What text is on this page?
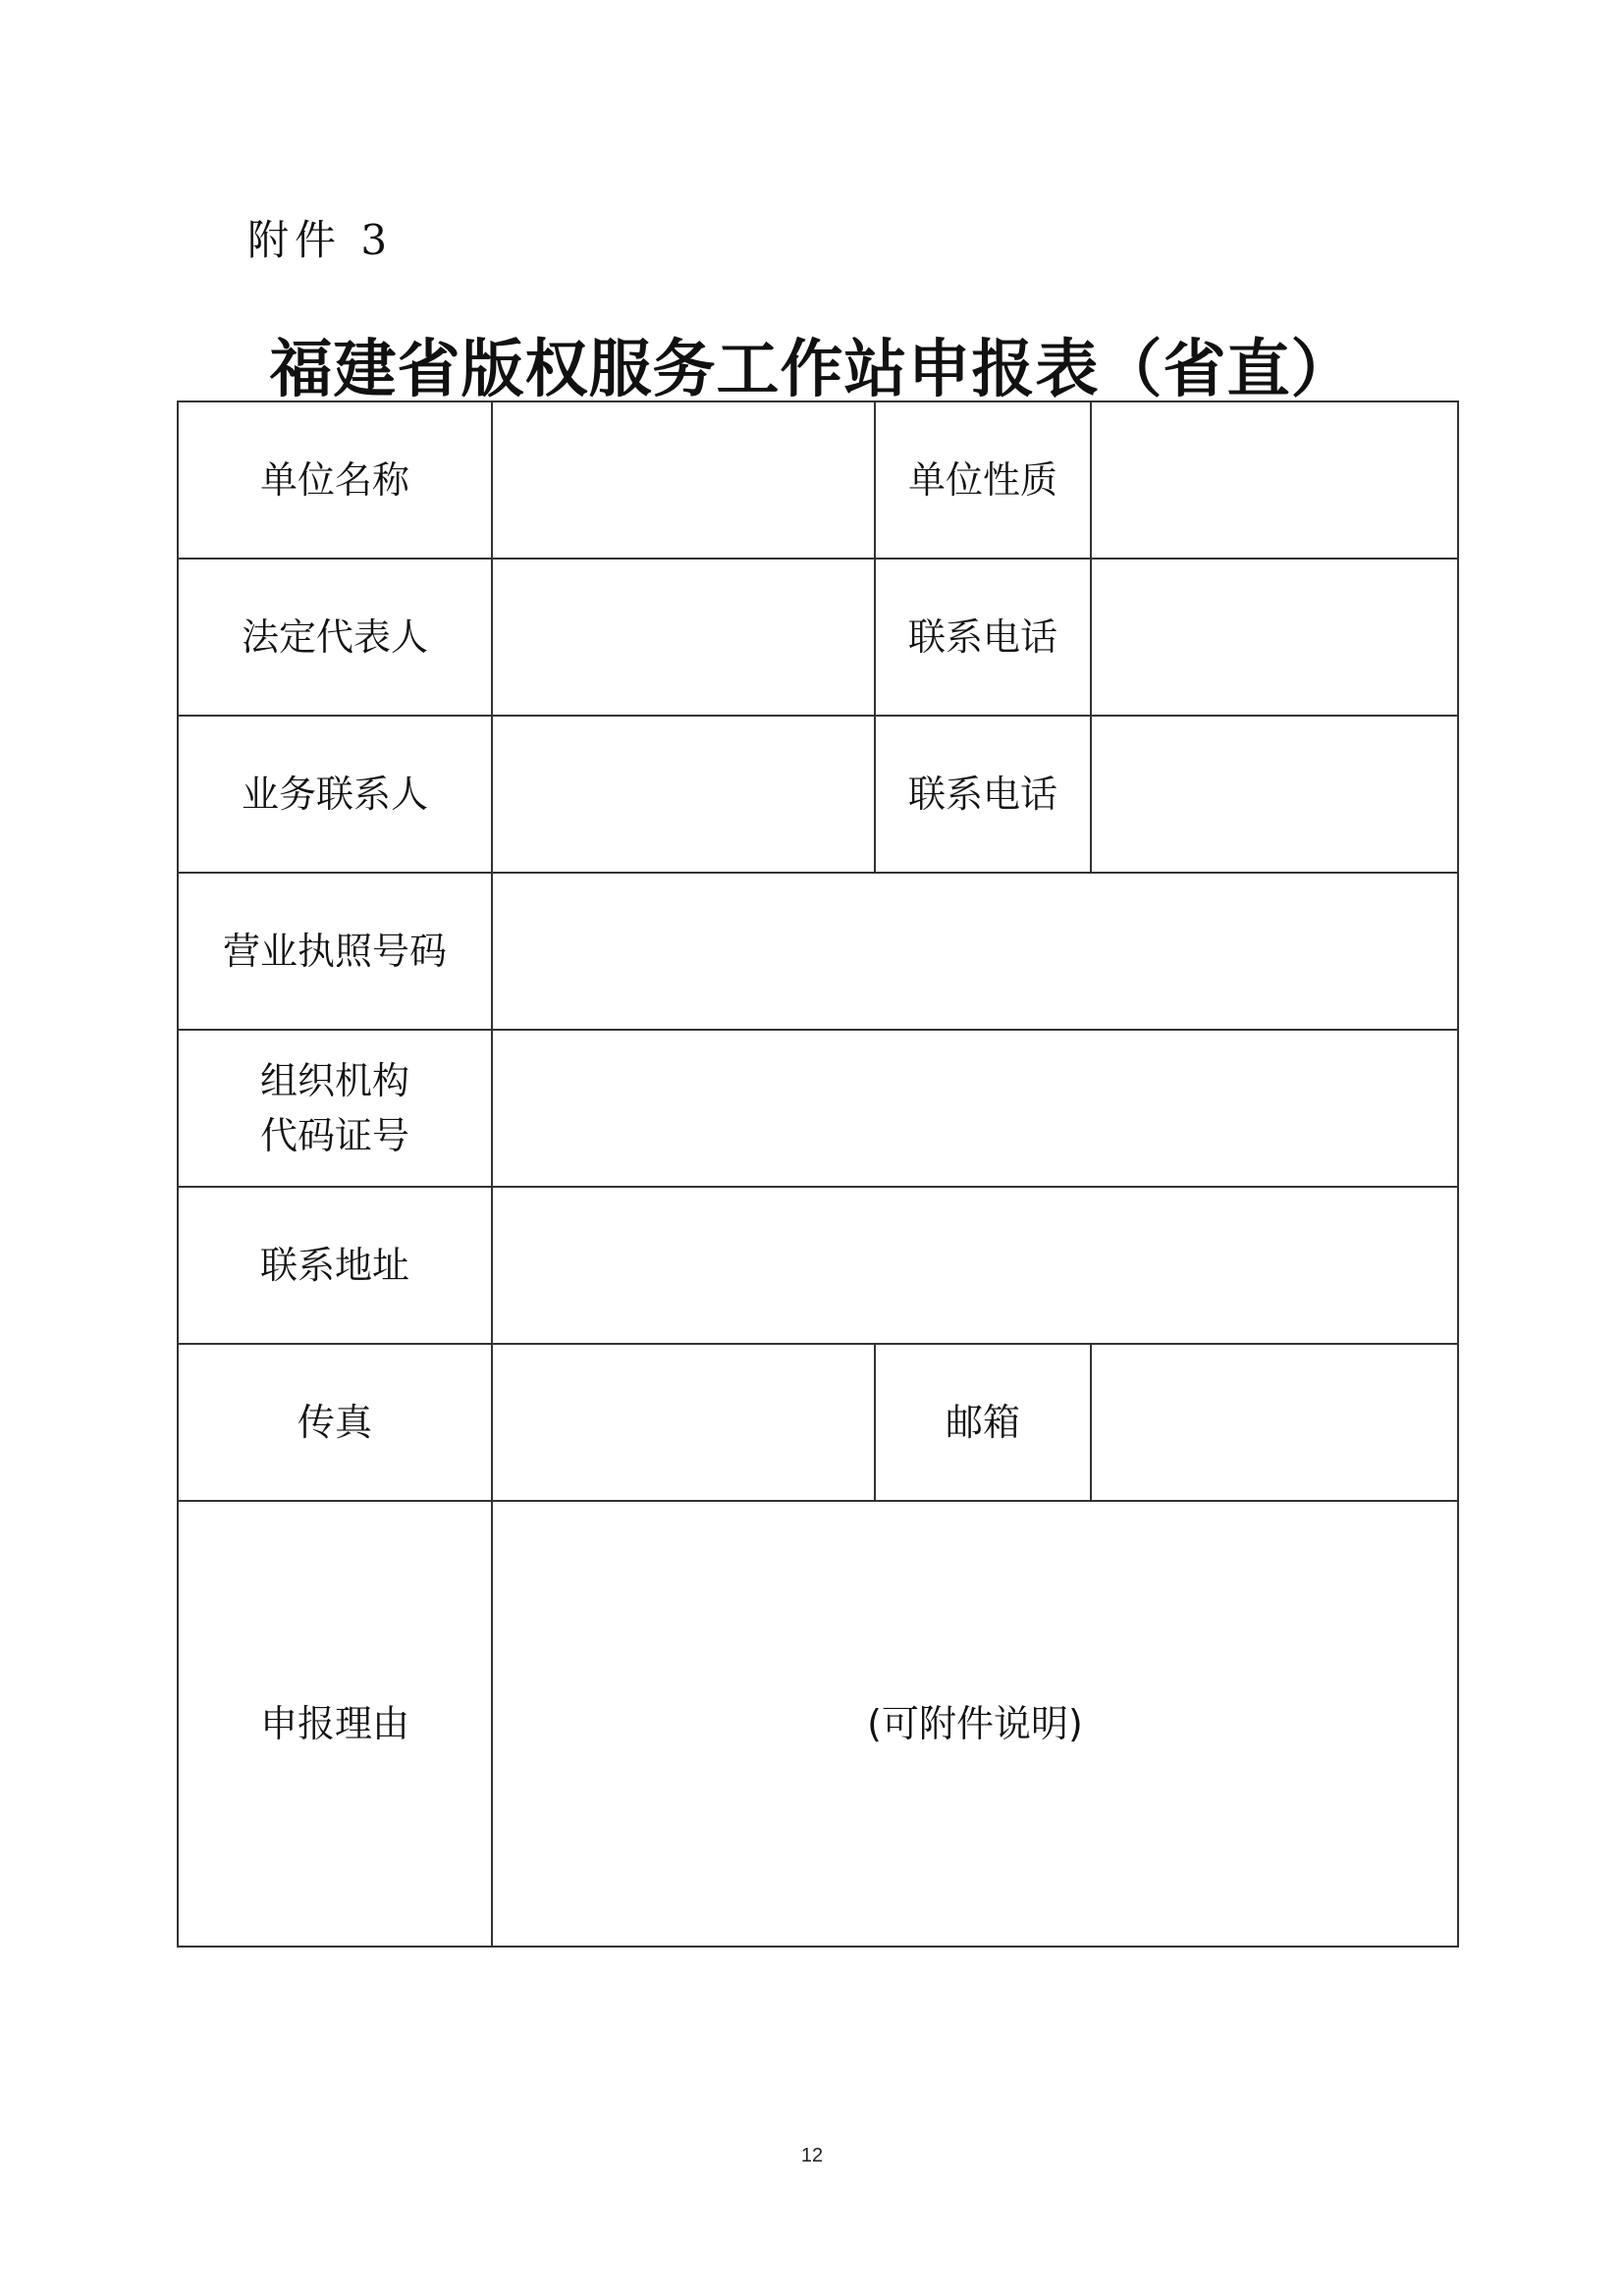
附件 3
福建省版权服务工作站申报表（省直）
单位名称		单位性质	
法定代表人		联系电话	
业务联系人		联系电话	
营业执照号码			

组织机构
代码证号			

联系地址			
传真		邮箱	
申报理由	(可附件说明)		
12
